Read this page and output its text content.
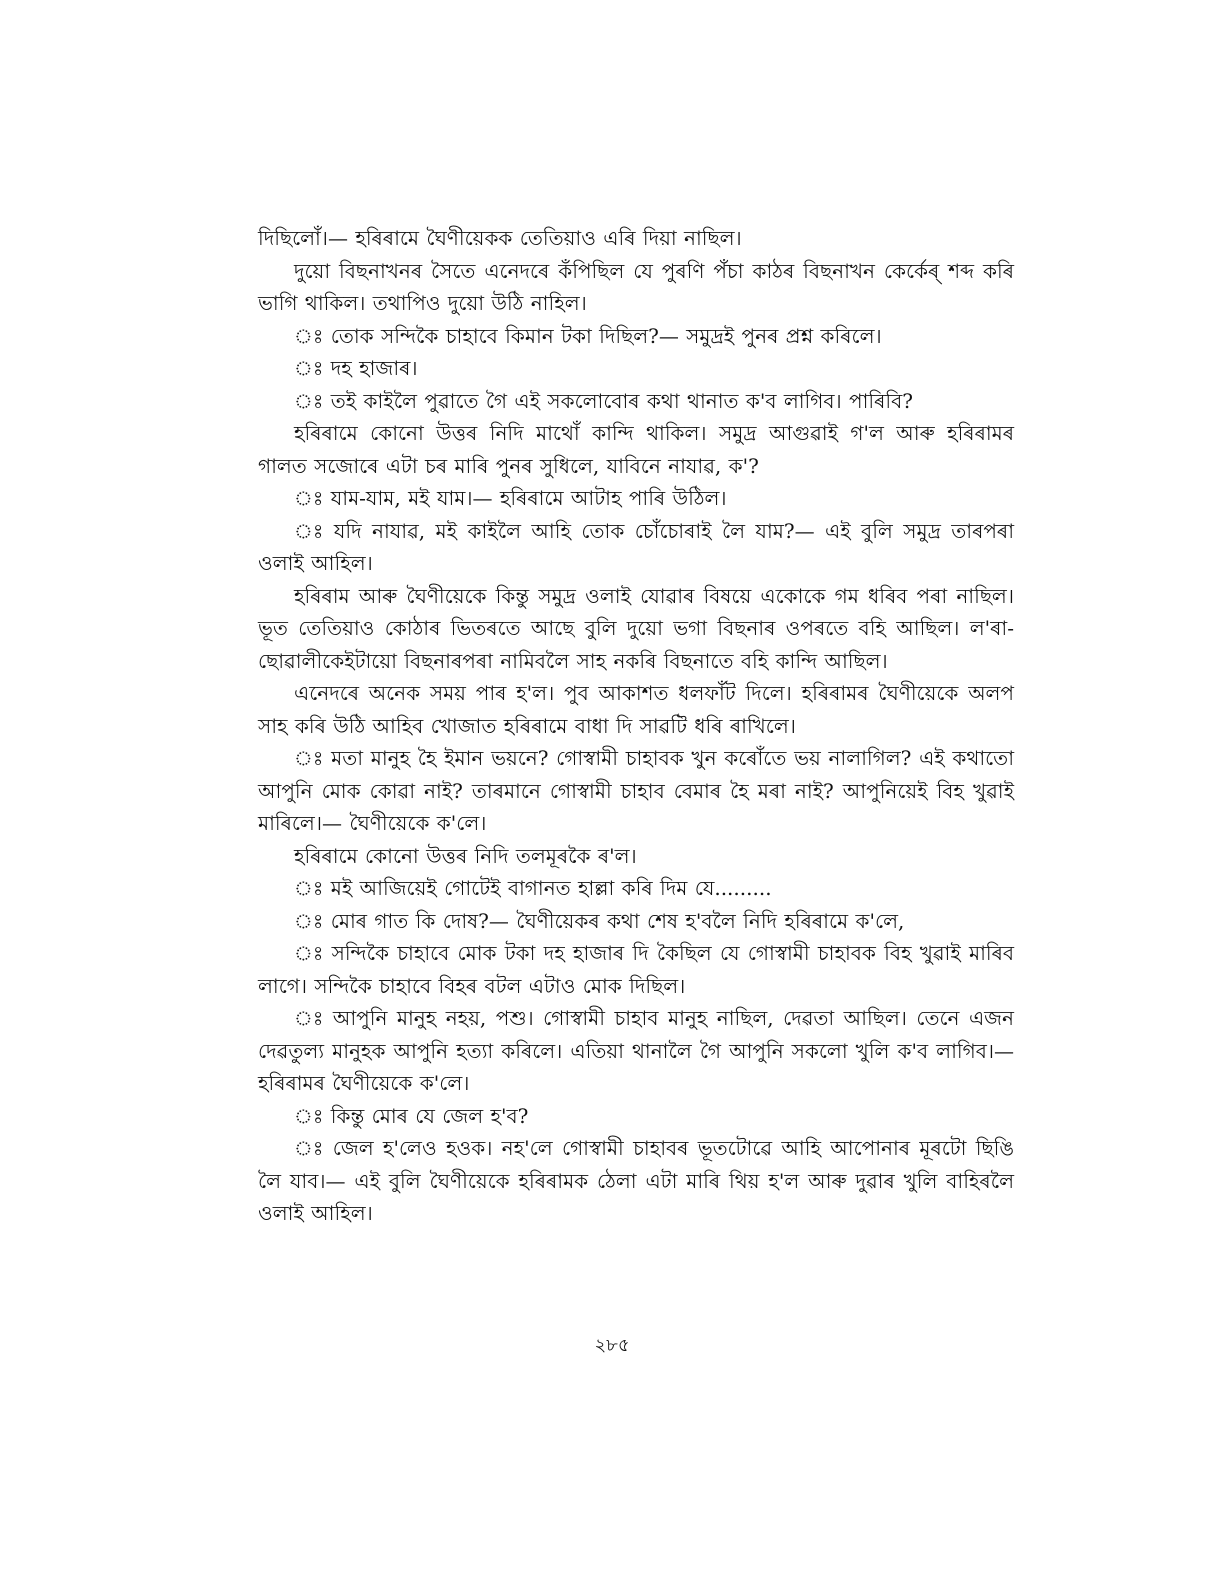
দিছিলোঁ।— হৰিৰামে ঘৈণীয়েকক তেতিয়াও এৰি দিয়া নাছিল।

দুয়ো বিছনাখনৰ সৈতে এনেদৰে কঁপিছিল যে পুৰণি পঁচা কাঠৰ বিছনাখন কেৰ্কেৰ্ শব্দ কৰি ভাগি থাকিল। তথাপিও দুয়ো উঠি নাহিল।

ঃ তোক সন্দিকৈ চাহাবে কিমান টকা দিছিল?— সমুদ্ৰই পুনৰ প্ৰশ্ন কৰিলে।

ঃ দহ হাজাৰ।

ঃ তই কাইলৈ পুৱাতে গৈ এই সকলোবোৰ কথা থানাত ক'ব লাগিব। পাৰিবি?

হৰিৰামে কোনো উত্তৰ নিদি মাথোঁ কান্দি থাকিল। সমুদ্ৰ আগুৱাই গ'ল আৰু হৰিৰামৰ গালত সজোৰে এটা চৰ মাৰি পুনৰ সুধিলে, যাবিনে নাযাৱ, ক'?

ঃ যাম-যাম, মই যাম।— হৰিৰামে আটাহ পাৰি উঠিল।

ঃ যদি নাযাৱ, মই কাইলৈ আহি তোক চোঁচোৰাই লৈ যাম?— এই বুলি সমুদ্ৰ তাৰপৰা ওলাই আহিল।

হৰিৰাম আৰু ঘৈণীয়েকে কিন্তু সমুদ্ৰ ওলাই যোৱাৰ বিষয়ে একোকে গম ধৰিব পৰা নাছিল। ভূত তেতিয়াও কোঠাৰ ভিতৰতে আছে বুলি দুয়ো ভগা বিছনাৰ ওপৰতে বহি আছিল। ল'ৰা-ছোৱালীকেইটায়ো বিছনাৰপৰা নামিবলৈ সাহ নকৰি বিছনাতে বহি কান্দি আছিল।

এনেদৰে অনেক সময় পাৰ হ'ল। পুব আকাশত ধলফাঁট দিলে। হৰিৰামৰ ঘৈণীয়েকে অলপ সাহ কৰি উঠি আহিব খোজাত হৰিৰামে বাধা দি সাৱটি ধৰি ৰাখিলে।

ঃ মতা মানুহ হৈ ইমান ভয়নে? গোস্বামী চাহাবক খুন কৰোঁতে ভয় নালাগিল? এই কথাতো আপুনি মোক কোৱা নাই? তাৰমানে গোস্বামী চাহাব বেমাৰ হৈ মৰা নাই? আপুনিয়েই বিহ খুৱাই মাৰিলে।— ঘৈণীয়েকে ক'লে।

হৰিৰামে কোনো উত্তৰ নিদি তলমূৰকৈ ৰ'ল।

ঃ মই আজিয়েই গোটেই বাগানত হাল্লা কৰি দিম যে.........

ঃ মোৰ গাত কি দোষ?— ঘৈণীয়েকৰ কথা শেষ হ'বলৈ নিদি হৰিৰামে ক'লে,

ঃ সন্দিকৈ চাহাবে মোক টকা দহ হাজাৰ দি কৈছিল যে গোস্বামী চাহাবক বিহ খুৱাই মাৰিব লাগে। সন্দিকৈ চাহাবে বিহৰ বটল এটাও মোক দিছিল।

ঃ আপুনি মানুহ নহয়, পশু। গোস্বামী চাহাব মানুহ নাছিল, দেৱতা আছিল। তেনে এজন দেৱতুল্য মানুহক আপুনি হত্যা কৰিলে। এতিয়া থানালৈ গৈ আপুনি সকলো খুলি ক'ব লাগিব।— হৰিৰামৰ ঘৈণীয়েকে ক'লে।

ঃ কিন্তু মোৰ যে জেল হ'ব?

ঃ জেল হ'লেও হওক। নহ'লে গোস্বামী চাহাবৰ ভূতটোৱে আহি আপোনাৰ মূৰটো ছিঙি লৈ যাব।— এই বুলি ঘৈণীয়েকে হৰিৰামক ঠেলা এটা মাৰি থিয় হ'ল আৰু দুৱাৰ খুলি বাহিৰলৈ ওলাই আহিল।

২৮৫
